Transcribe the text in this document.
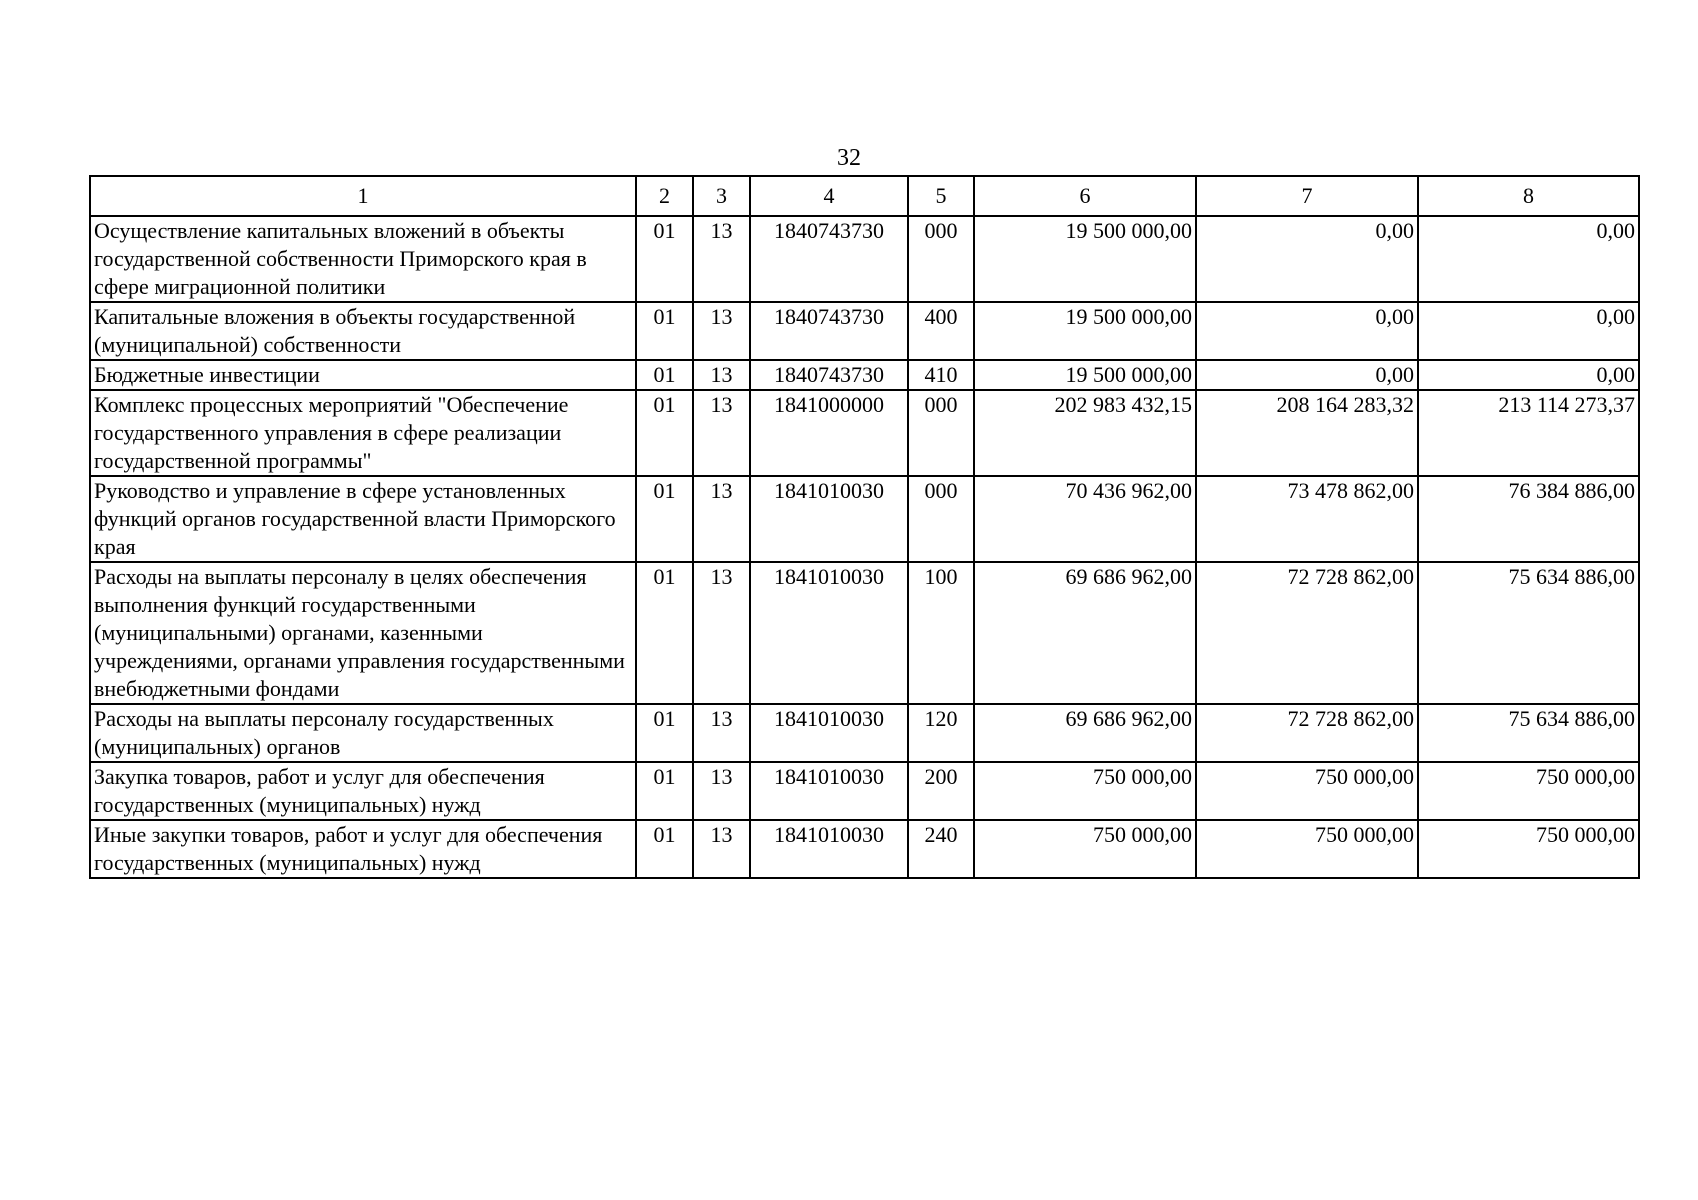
32
1	2	3	4	5	6	7	8
Осуществление капитальных вложений в объекты государственной собственности Приморского края в сфере миграционной политики	01	13	1840743730	000	19 500 000,00	0,00	0,00
Капитальные вложения в объекты государственной (муниципальной) собственности	01	13	1840743730	400	19 500 000,00	0,00	0,00
Бюджетные инвестиции	01	13	1840743730	410	19 500 000,00	0,00	0,00
Комплекс процессных мероприятий "Обеспечение государственного управления в сфере реализации государственной программы"	01	13	1841000000	000	202 983 432,15	208 164 283,32	213 114 273,37
Руководство и управление в сфере установленных функций органов государственной власти Приморского края	01	13	1841010030	000	70 436 962,00	73 478 862,00	76 384 886,00
Расходы на выплаты персоналу в целях обеспечения выполнения функций государственными (муниципальными) органами, казенными учреждениями, органами управления государственными внебюджетными фондами	01	13	1841010030	100	69 686 962,00	72 728 862,00	75 634 886,00
Расходы на выплаты персоналу государственных (муниципальных) органов	01	13	1841010030	120	69 686 962,00	72 728 862,00	75 634 886,00
Закупка товаров, работ и услуг для обеспечения государственных (муниципальных) нужд	01	13	1841010030	200	750 000,00	750 000,00	750 000,00
Иные закупки товаров, работ и услуг для обеспечения государственных (муниципальных) нужд	01	13	1841010030	240	750 000,00	750 000,00	750 000,00
